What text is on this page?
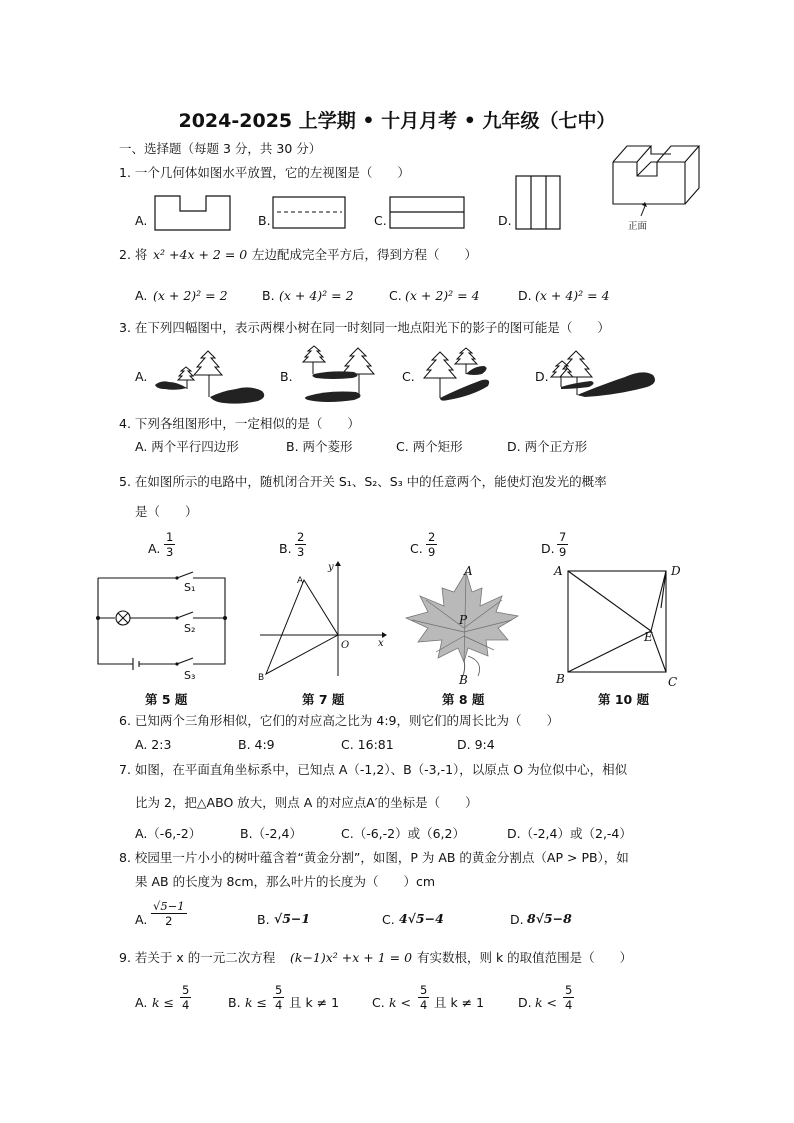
2024-2025 上学期 • 十月月考 • 九年级（七中）
一、选择题（每题 3 分，共 30 分）
1. 一个几何体如图水平放置，它的左视图是（　　）
A.	B.	C.	D.	正面
2. 将 x² +4x + 2 = 0 左边配成完全平方后，得到方程（　　）
A. (x + 2)² = 2	B. (x + 4)² = 2	C. (x + 2)² = 4	D. (x + 4)² = 4
3. 在下列四幅图中，表示两棵小树在同一时刻同一地点阳光下的影子的图可能是（　　）
A.	B.	C.	D.
4. 下列各组图形中，一定相似的是（　　）
A. 两个平行四边形	B. 两个菱形	C. 两个矩形	D. 两个正方形
5. 在如图所示的电路中，随机闭合开关 S₁、S₂、S₃ 中的任意两个，能使灯泡发光的概率
是（　　）
A. $\frac{1}{3}$	B. $\frac{2}{3}$	C. $\frac{2}{9}$	D. $\frac{7}{9}$
S₁
S₂
S₃
第 5 题
A
B
O	x
y
第 7 题
A
P
B
第 8 题
A	D
E
B	C
第 10 题
6. 已知两个三角形相似，它们的对应高之比为 4:9，则它们的周长比为（　　）
A. 2:3	B. 4:9	C. 16:81	D. 9:4
7. 如图，在平面直角坐标系中，已知点 A（-1,2）、B（-3,-1），以原点 O 为位似中心，相似
比为 2，把△ABO 放大，则点 A 的对应点A′的坐标是（　　）
A.（-6,-2）	B.（-2,4）	C.（-6,-2）或（6,2）	D.（-2,4）或（2,-4）
8. 校园里一片小小的树叶蕴含着“黄金分割”，如图，P 为 AB 的黄金分割点（AP > PB），如
果 AB 的长度为 8cm，那么叶片的长度为（　　）cm
A. $\frac{√5-1}{2}$	B. √5−1	C. 4√5−4	D. 8√5−8
9. 若关于 x 的一元二次方程 (k−1)x² +x + 1 = 0 有实数根，则 k 的取值范围是（　　）
A. $k \le \frac{5}{4}$	B. $k \le \frac{5}{4}$ 且 k ≠ 1	C. $k < \frac{5}{4}$ 且 k ≠ 1	D. $k < \frac{5}{4}$
